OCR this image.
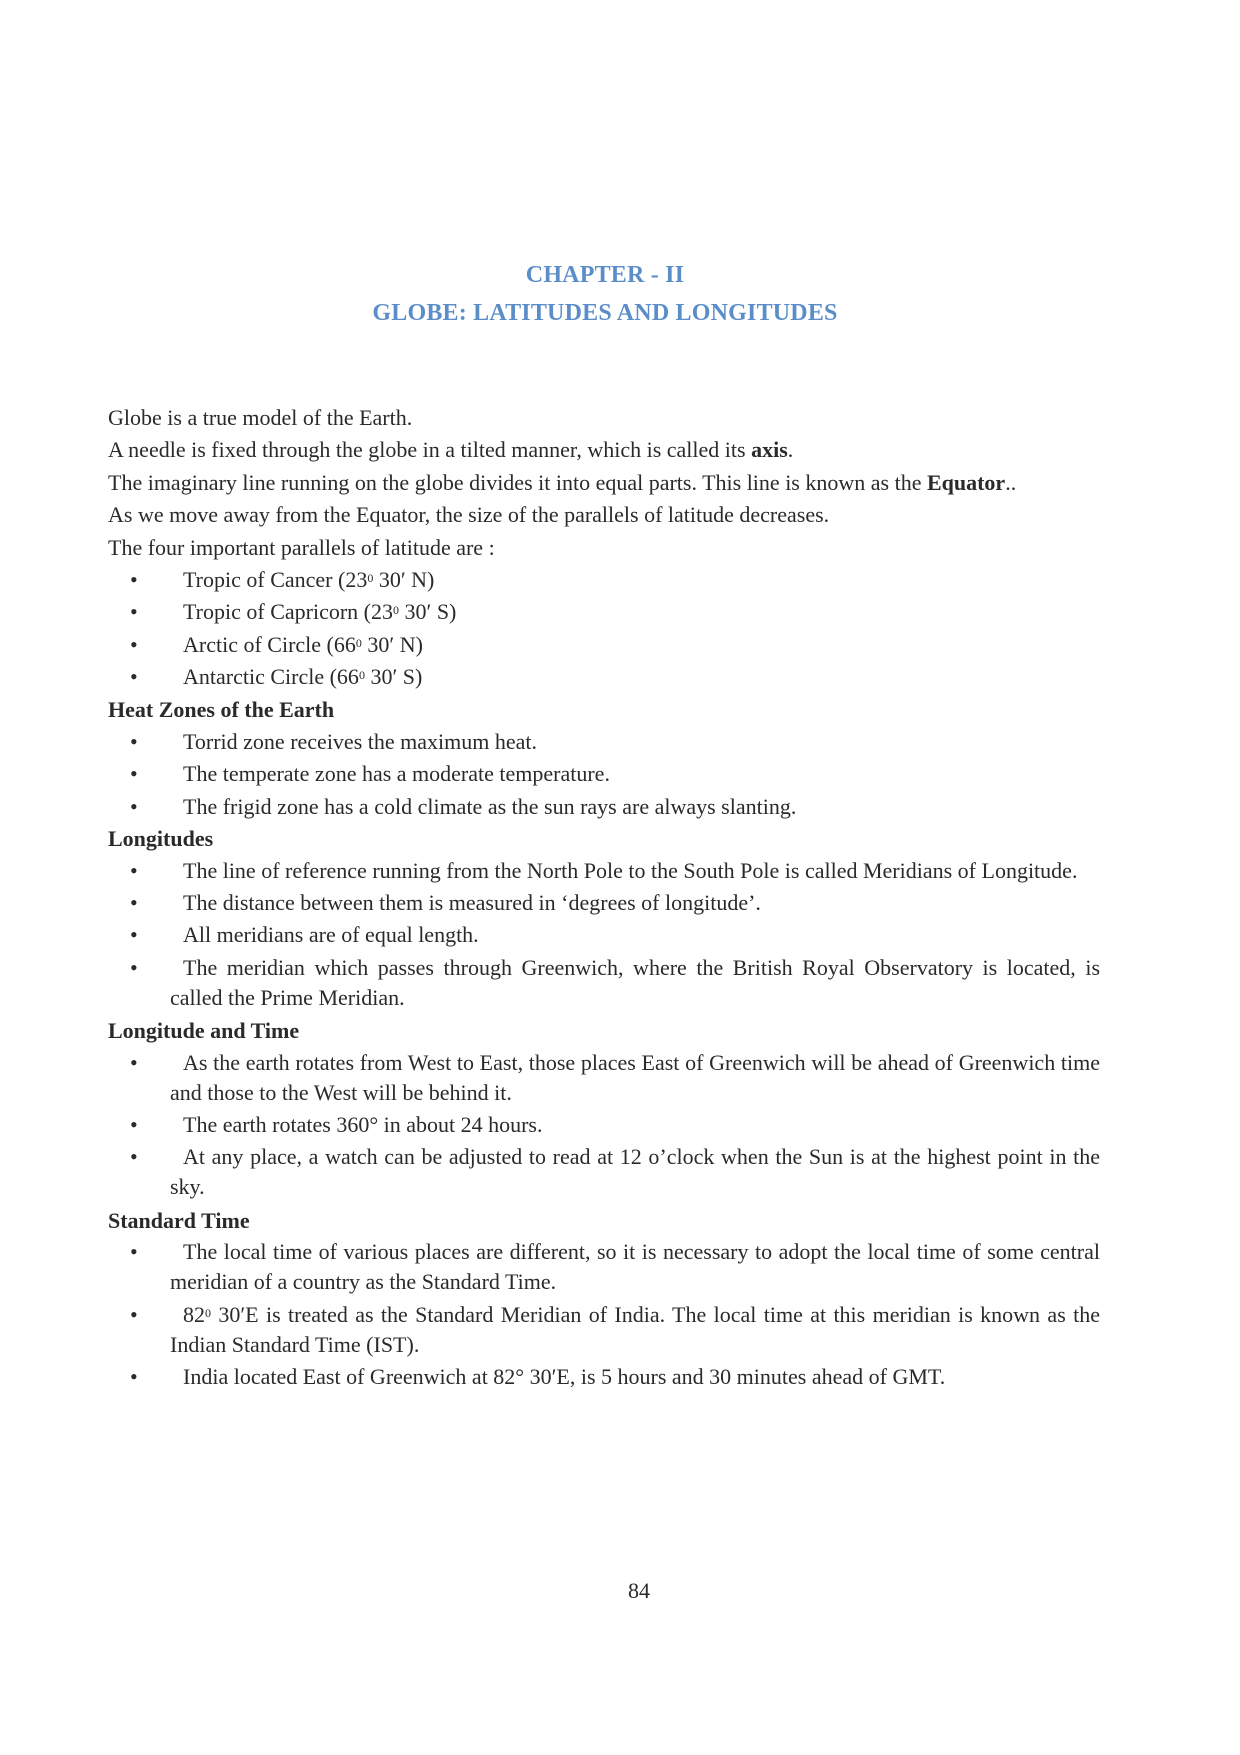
CHAPTER - II
GLOBE: LATITUDES AND LONGITUDES

Globe is a true model of the Earth.

A needle is fixed through the globe in a tilted manner, which is called its axis.

The imaginary line running on the globe divides it into equal parts. This line is known as the Equator..

As we move away from the Equator, the size of the parallels of latitude decreases.

The four important parallels of latitude are :

• Tropic of Cancer ($23^0$ 30′ N)
• Tropic of Capricorn ($23^0$ 30′ S)
• Arctic of Circle ($66^0$ 30′ N)
• Antarctic Circle ($66^0$ 30′ S)

Heat Zones of the Earth

• Torrid zone receives the maximum heat.
• The temperate zone has a moderate temperature.
• The frigid zone has a cold climate as the sun rays are always slanting.

Longitudes

• The line of reference running from the North Pole to the South Pole is called Meridians of Longitude.
• The distance between them is measured in ‘degrees of longitude’.
• All meridians are of equal length.
• The meridian which passes through Greenwich, where the British Royal Observatory is located, is called the Prime Meridian.

Longitude and Time

• As the earth rotates from West to East, those places East of Greenwich will be ahead of Greenwich time and those to the West will be behind it.
• The earth rotates 360° in about 24 hours.
• At any place, a watch can be adjusted to read at 12 o’clock when the Sun is at the highest point in the sky.

Standard Time

• The local time of various places are different, so it is necessary to adopt the local time of some central meridian of a country as the Standard Time.
• $82^0$ 30′E is treated as the Standard Meridian of India. The local time at this meridian is known as the Indian Standard Time (IST).
• India located East of Greenwich at 82° 30′E, is 5 hours and 30 minutes ahead of GMT.
84
